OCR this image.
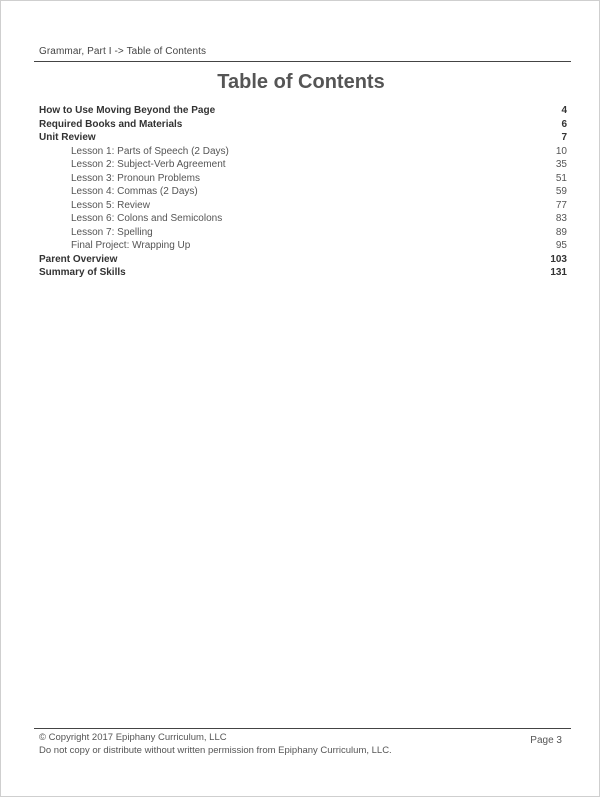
Grammar, Part I -> Table of Contents
Table of Contents
How to Use Moving Beyond the Page	4
Required Books and Materials	6
Unit Review	7
Lesson 1: Parts of Speech (2 Days)	10
Lesson 2: Subject-Verb Agreement	35
Lesson 3: Pronoun Problems	51
Lesson 4: Commas (2 Days)	59
Lesson 5: Review	77
Lesson 6: Colons and Semicolons	83
Lesson 7: Spelling	89
Final Project: Wrapping Up	95
Parent Overview	103
Summary of Skills	131
© Copyright 2017 Epiphany Curriculum, LLC
Do not copy or distribute without written permission from Epiphany Curriculum, LLC.
Page 3
